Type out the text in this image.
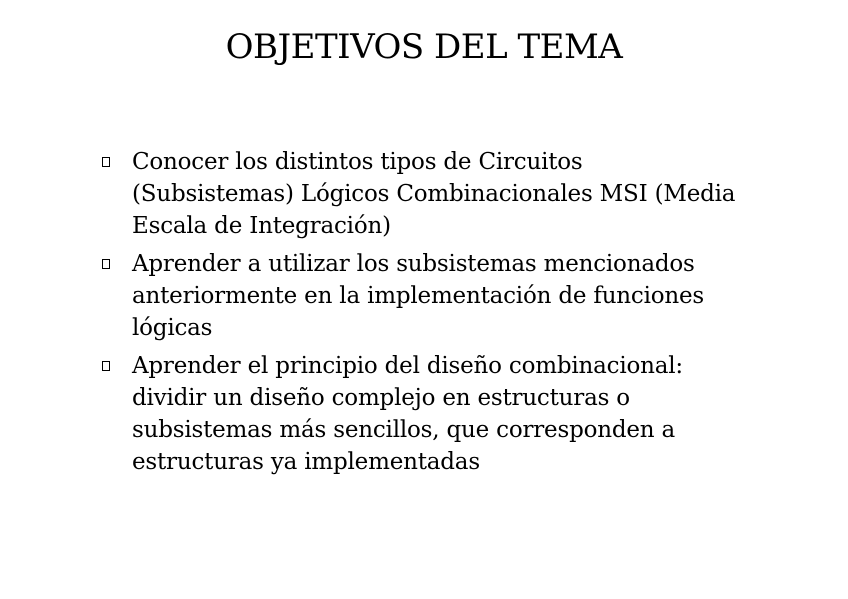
OBJETIVOS DEL TEMA
Conocer los distintos tipos de Circuitos (Subsistemas) Lógicos Combinacionales MSI (Media Escala de Integración)
Aprender a utilizar los subsistemas mencionados anteriormente en la implementación de funciones lógicas
Aprender el principio del diseño combinacional: dividir un diseño complejo en estructuras o subsistemas más sencillos, que corresponden a estructuras ya implementadas
